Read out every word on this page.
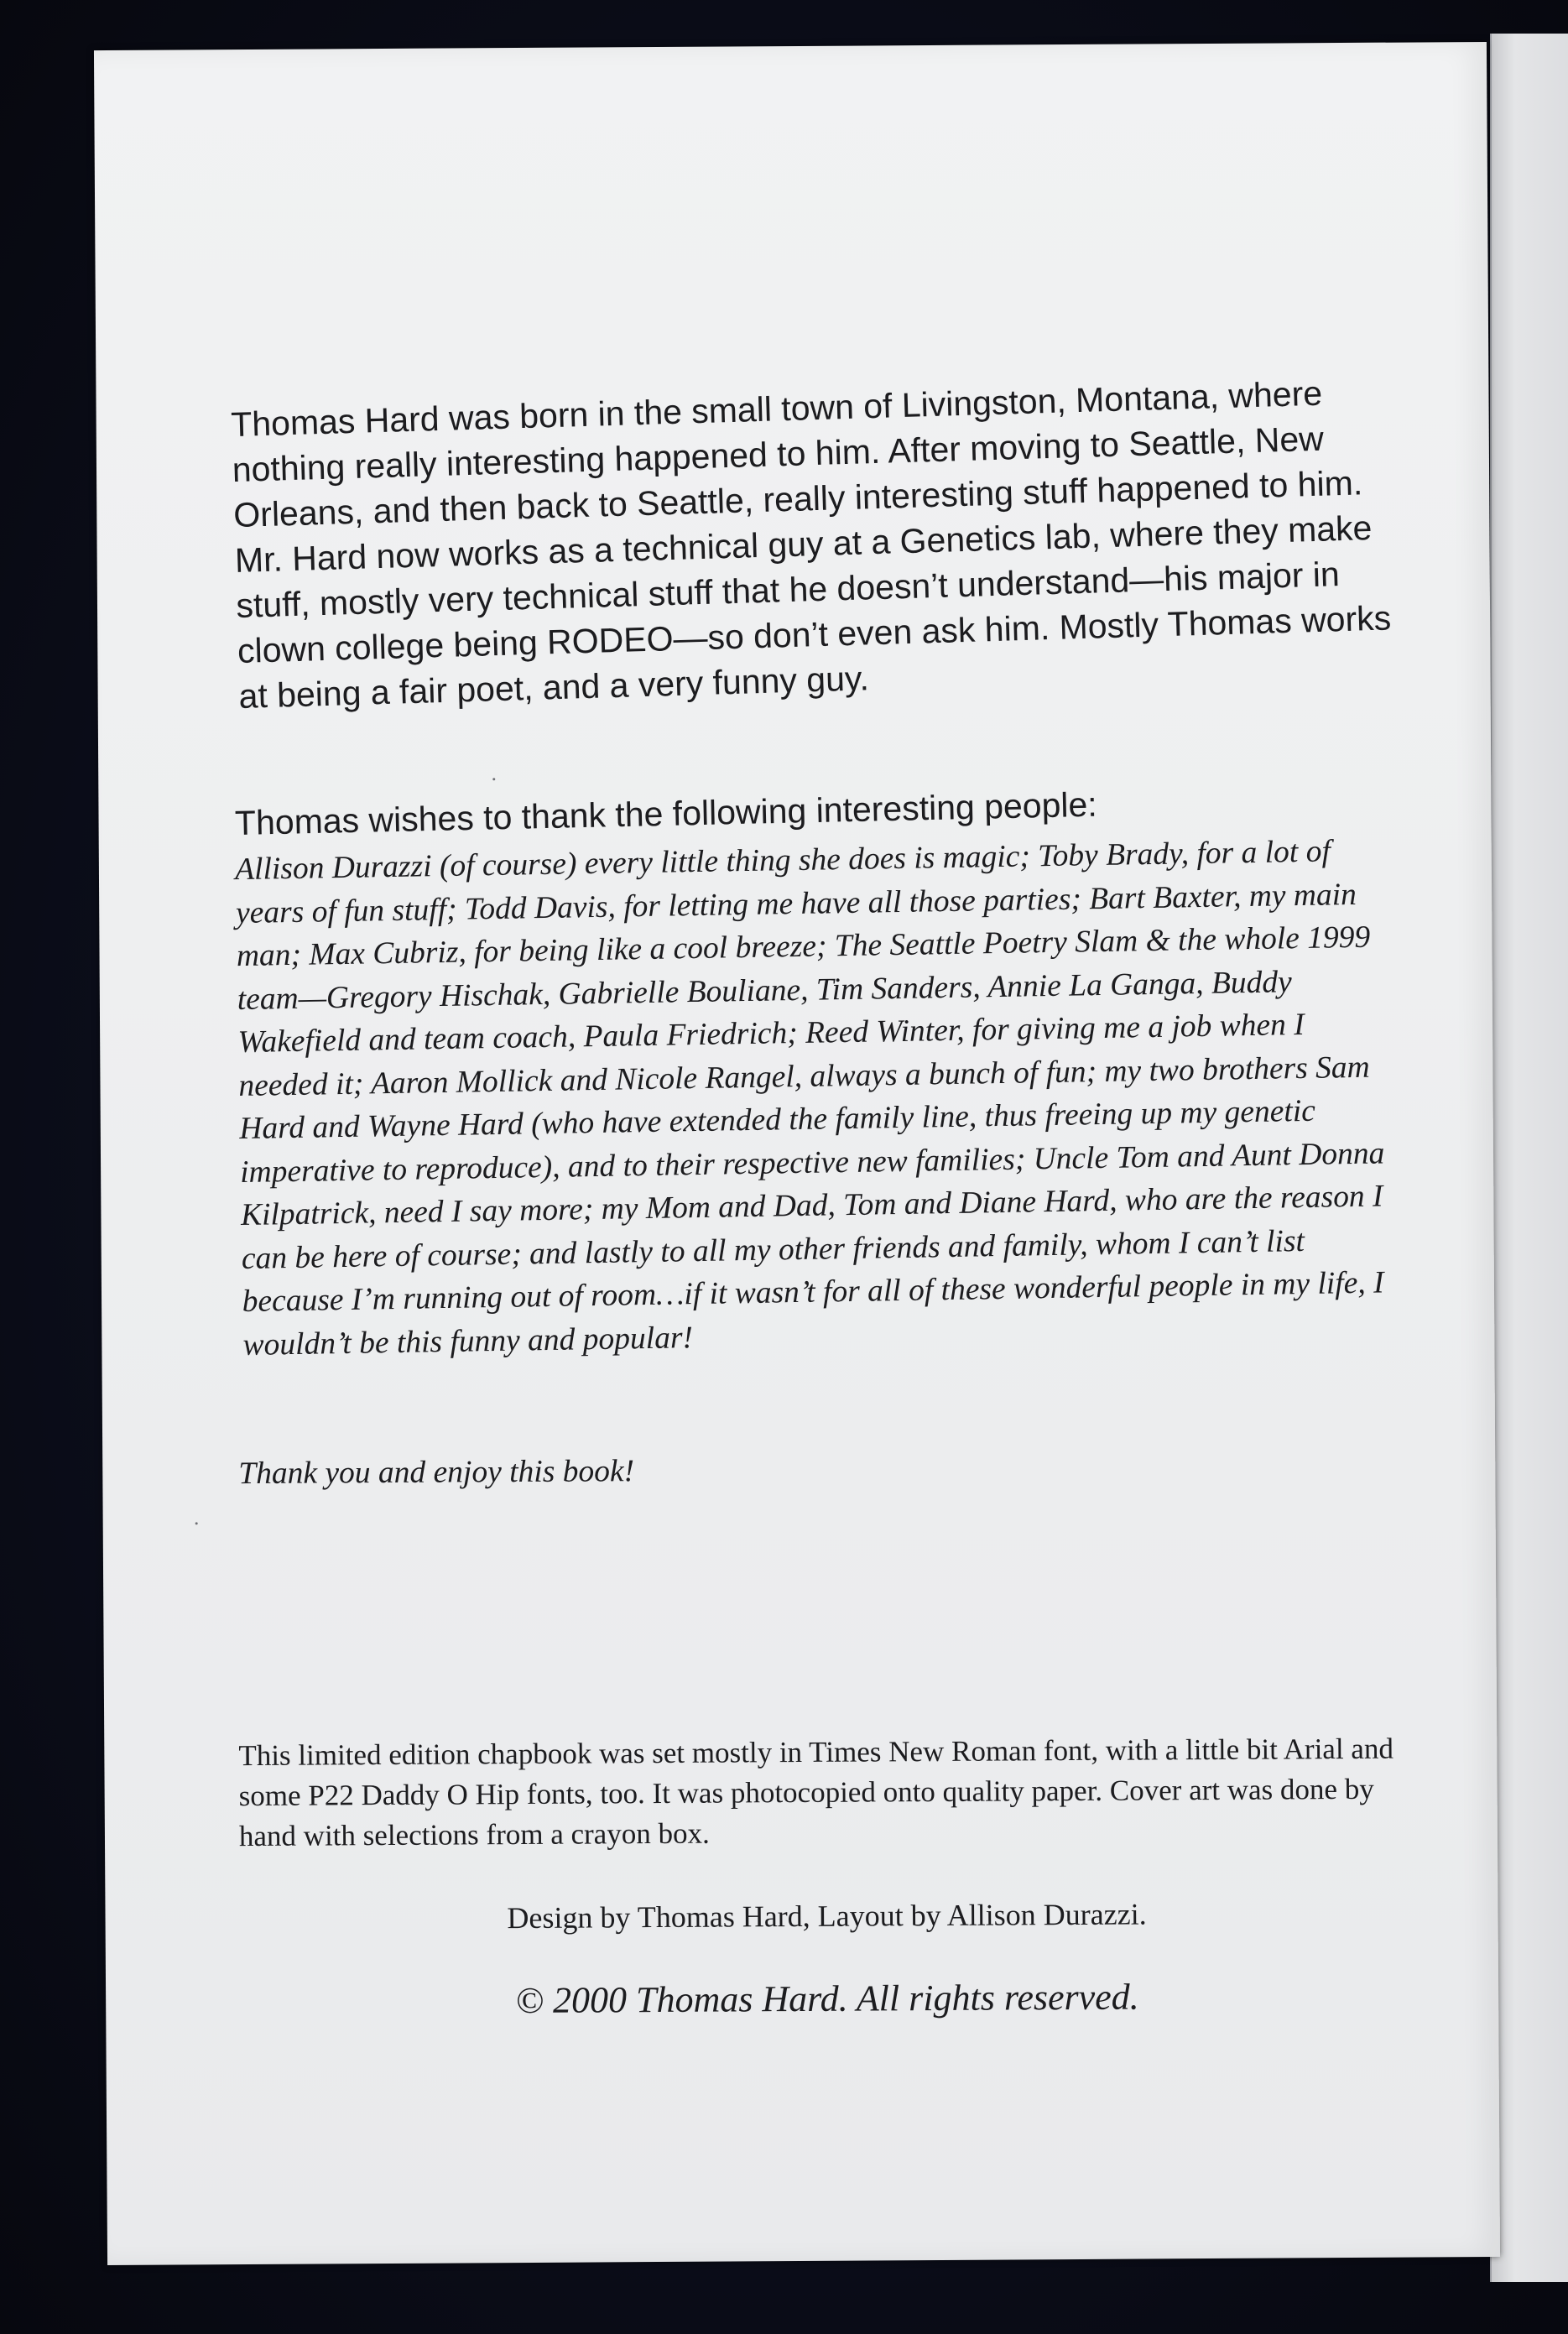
Thomas Hard was born in the small town of Livingston, Montana, where nothing really interesting happened to him. After moving to Seattle, New Orleans, and then back to Seattle, really interesting stuff happened to him. Mr. Hard now works as a technical guy at a Genetics lab, where they make stuff, mostly very technical stuff that he doesn’t understand—his major in clown college being RODEO—so don’t even ask him. Mostly Thomas works at being a fair poet, and a very funny guy.

Thomas wishes to thank the following interesting people:

Allison Durazzi (of course) every little thing she does is magic; Toby Brady, for a lot of years of fun stuff; Todd Davis, for letting me have all those parties; Bart Baxter, my main man; Max Cubriz, for being like a cool breeze; The Seattle Poetry Slam & the whole 1999 team—Gregory Hischak, Gabrielle Bouliane, Tim Sanders, Annie La Ganga, Buddy Wakefield and team coach, Paula Friedrich; Reed Winter, for giving me a job when I needed it; Aaron Mollick and Nicole Rangel, always a bunch of fun; my two brothers Sam Hard and Wayne Hard (who have extended the family line, thus freeing up my genetic imperative to reproduce), and to their respective new families; Uncle Tom and Aunt Donna Kilpatrick, need I say more; my Mom and Dad, Tom and Diane Hard, who are the reason I can be here of course; and lastly to all my other friends and family, whom I can’t list because I’m running out of room…if it wasn’t for all of these wonderful people in my life, I wouldn’t be this funny and popular!

Thank you and enjoy this book!

This limited edition chapbook was set mostly in Times New Roman font, with a little bit Arial and some P22 Daddy O Hip fonts, too. It was photocopied onto quality paper. Cover art was done by hand with selections from a crayon box.

Design by Thomas Hard, Layout by Allison Durazzi.

© 2000 Thomas Hard. All rights reserved.
